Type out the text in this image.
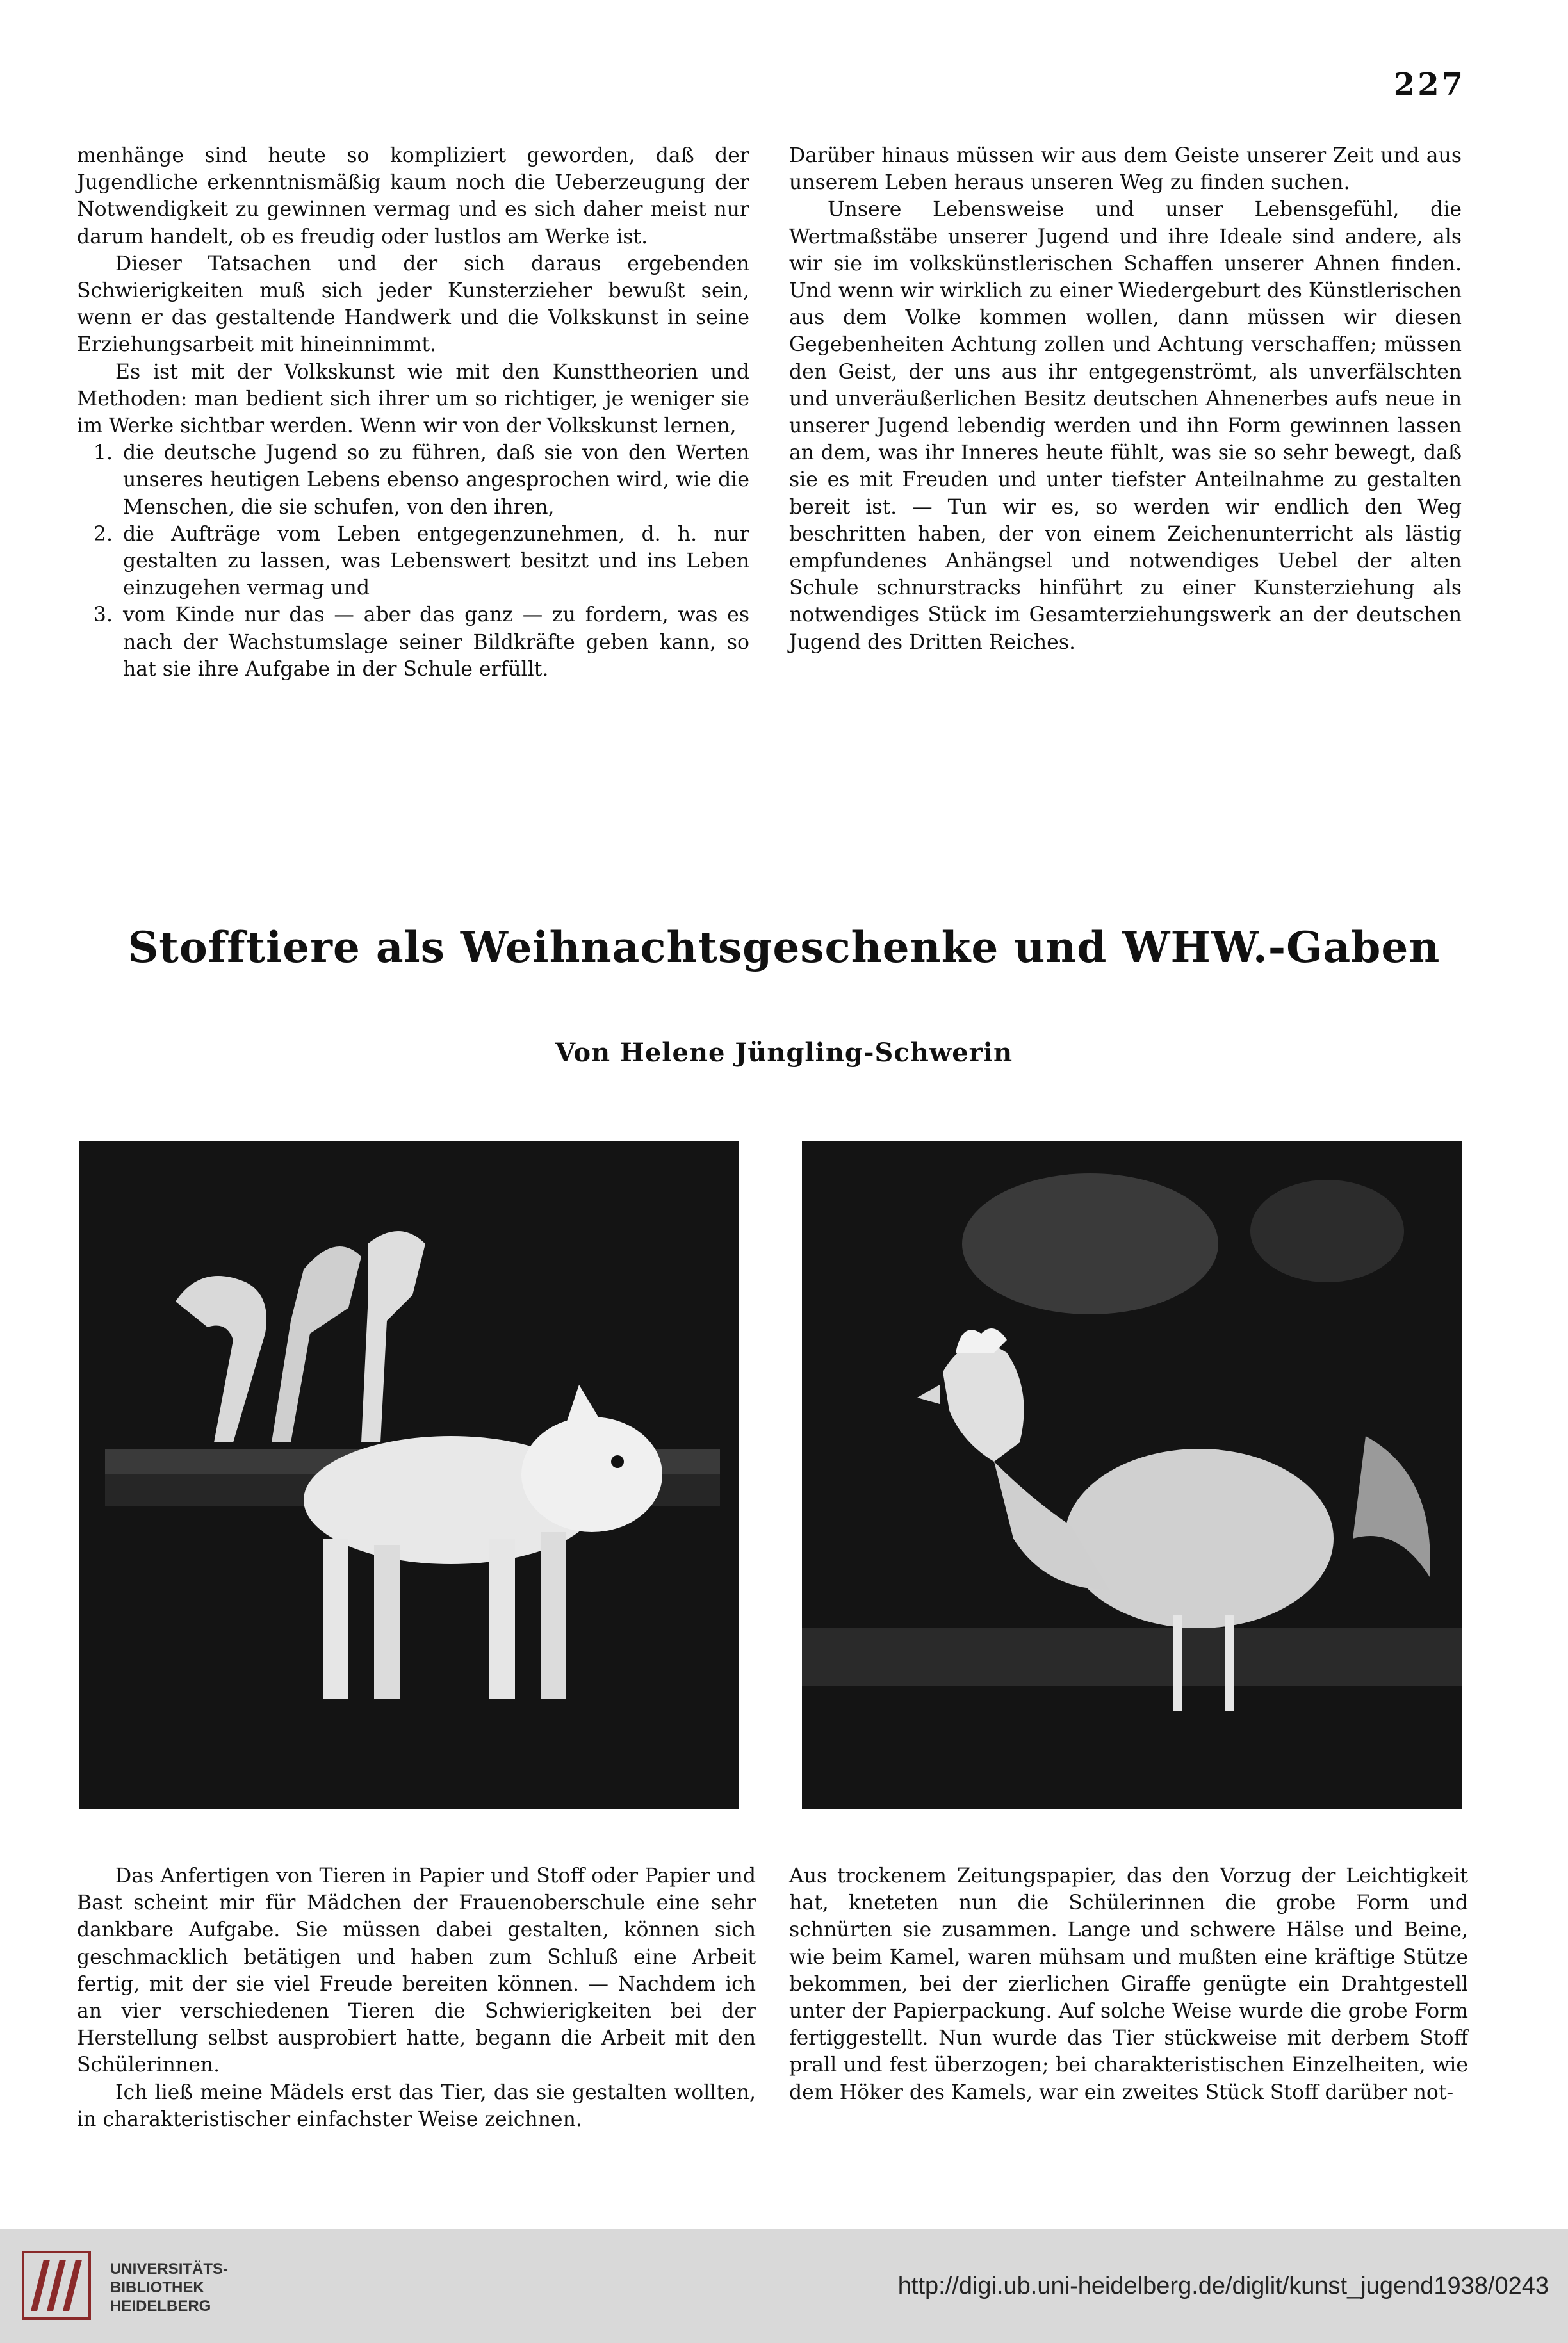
227

menhänge sind heute so kompliziert geworden, daß der Jugendliche erkenntnismäßig kaum noch die Ueberzeugung der Notwendigkeit zu gewinnen vermag und es sich daher meist nur darum handelt, ob es freudig oder lustlos am Werke ist.

Dieser Tatsachen und der sich daraus ergebenden Schwierigkeiten muß sich jeder Kunsterzieher bewußt sein, wenn er das gestaltende Handwerk und die Volkskunst in seine Erziehungsarbeit mit hineinnimmt.

Es ist mit der Volkskunst wie mit den Kunsttheorien und Methoden: man bedient sich ihrer um so richtiger, je weniger sie im Werke sichtbar werden. Wenn wir von der Volkskunst lernen,

1. die deutsche Jugend so zu führen, daß sie von den Werten unseres heutigen Lebens ebenso angesprochen wird, wie die Menschen, die sie schufen, von den ihren,
2. die Aufträge vom Leben entgegenzunehmen, d. h. nur gestalten zu lassen, was Lebenswert besitzt und ins Leben einzugehen vermag und
3. vom Kinde nur das — aber das ganz — zu fordern, was es nach der Wachstumslage seiner Bildkräfte geben kann, so hat sie ihre Aufgabe in der Schule erfüllt.

Darüber hinaus müssen wir aus dem Geiste unserer Zeit und aus unserem Leben heraus unseren Weg zu finden suchen.

Unsere Lebensweise und unser Lebensgefühl, die Wertmaßstäbe unserer Jugend und ihre Ideale sind andere, als wir sie im volkskünstlerischen Schaffen unserer Ahnen finden. Und wenn wir wirklich zu einer Wiedergeburt des Künstlerischen aus dem Volke kommen wollen, dann müssen wir diesen Gegebenheiten Achtung zollen und Achtung verschaffen; müssen den Geist, der uns aus ihr entgegenströmt, als unverfälschten und unveräußerlichen Besitz deutschen Ahnenerbes aufs neue in unserer Jugend lebendig werden und ihn Form gewinnen lassen an dem, was ihr Inneres heute fühlt, was sie so sehr bewegt, daß sie es mit Freuden und unter tiefster Anteilnahme zu gestalten bereit ist. — Tun wir es, so werden wir endlich den Weg beschritten haben, der von einem Zeichenunterricht als lästig empfundenes Anhängsel und notwendiges Uebel der alten Schule schnurstracks hinführt zu einer Kunsterziehung als notwendiges Stück im Gesamterziehungswerk an der deutschen Jugend des Dritten Reiches.

Stofftiere als Weihnachtsgeschenke und WHW.-Gaben
Von Helene Jüngling-Schwerin

Das Anfertigen von Tieren in Papier und Stoff oder Papier und Bast scheint mir für Mädchen der Frauenoberschule eine sehr dankbare Aufgabe. Sie müssen dabei gestalten, können sich geschmacklich betätigen und haben zum Schluß eine Arbeit fertig, mit der sie viel Freude bereiten können. — Nachdem ich an vier verschiedenen Tieren die Schwierigkeiten bei der Herstellung selbst ausprobiert hatte, begann die Arbeit mit den Schülerinnen.

Ich ließ meine Mädels erst das Tier, das sie gestalten wollten, in charakteristischer einfachster Weise zeichnen.

Aus trockenem Zeitungspapier, das den Vorzug der Leichtigkeit hat, kneteten nun die Schülerinnen die grobe Form und schnürten sie zusammen. Lange und schwere Hälse und Beine, wie beim Kamel, waren mühsam und mußten eine kräftige Stütze bekommen, bei der zierlichen Giraffe genügte ein Drahtgestell unter der Papierpackung. Auf solche Weise wurde die grobe Form fertiggestellt. Nun wurde das Tier stückweise mit derbem Stoff prall und fest überzogen; bei charakteristischen Einzelheiten, wie dem Höker des Kamels, war ein zweites Stück Stoff darüber not-

UNIVERSITÄTS-
BIBLIOTHEK
HEIDELBERG
http://digi.ub.uni-heidelberg.de/diglit/kunst_jugend1938/0243
